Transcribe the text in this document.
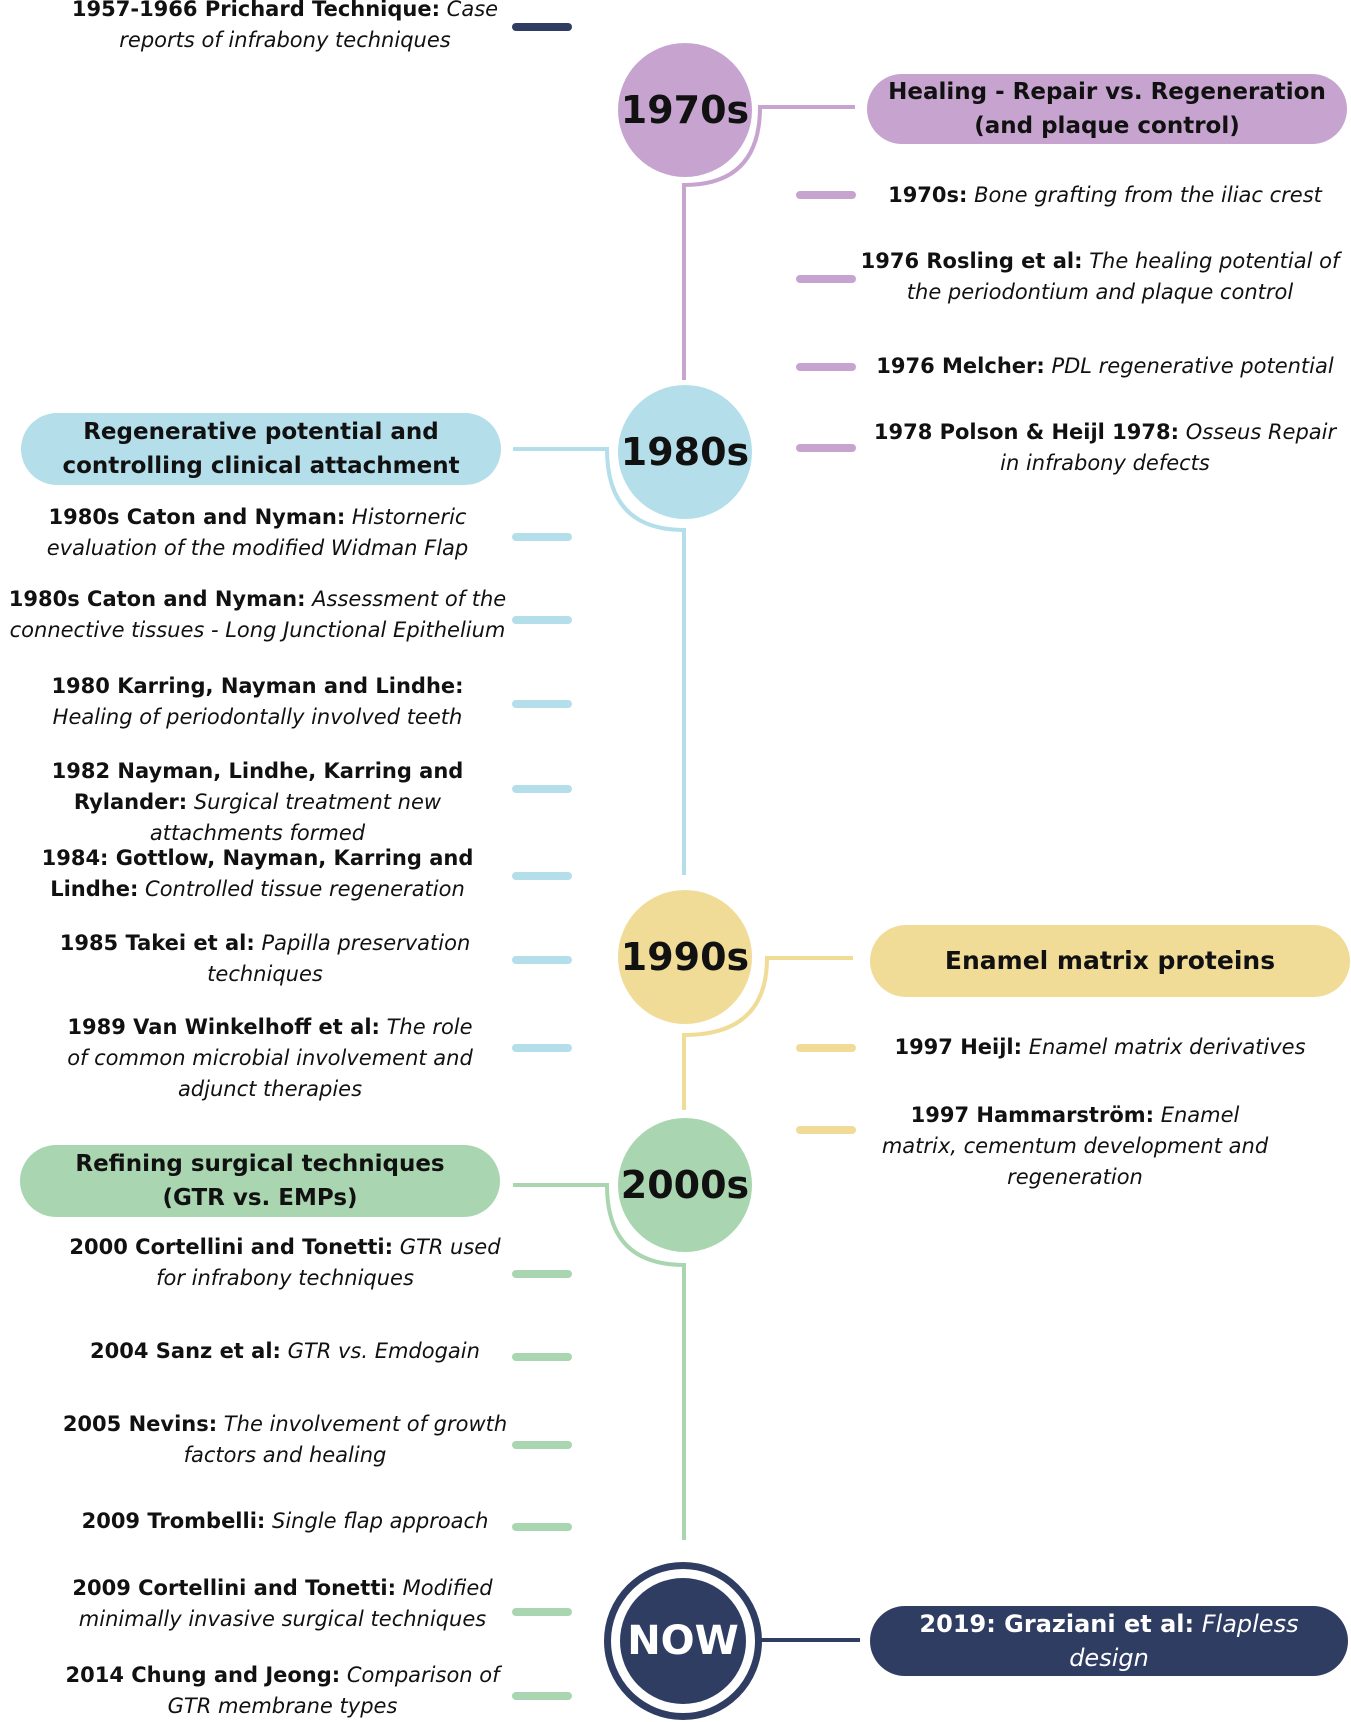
1970s
1980s
1990s
2000s
NOW
Healing - Repair vs. Regeneration
(and plaque control)
Regenerative potential and
controlling clinical attachment
Enamel matrix proteins
Refining surgical techniques
(GTR vs. EMPs)
2019: Graziani et al: Flapless design
1957-1966 Prichard Technique: Case reports of infrabony techniques
1970s: Bone grafting from the iliac crest
1976 Rosling et al: The healing potential of the periodontium and plaque control
1976 Melcher: PDL regenerative potential
1978 Polson & Heijl 1978: Osseus Repair in infrabony defects
1980s Caton and Nyman: Historneric evaluation of the modified Widman Flap
1980s Caton and Nyman: Assessment of the connective tissues - Long Junctional Epithelium
1980 Karring, Nayman and Lindhe: Healing of periodontally involved teeth
1982 Nayman, Lindhe, Karring and Rylander: Surgical treatment new attachments formed
1984: Gottlow, Nayman, Karring and Lindhe: Controlled tissue regeneration
1985 Takei et al: Papilla preservation techniques
1989 Van Winkelhoff et al: The role of common microbial involvement and adjunct therapies
1997 Heijl: Enamel matrix derivatives
1997 Hammarström: Enamel matrix, cementum development and regeneration
2000 Cortellini and Tonetti: GTR used for infrabony techniques
2004 Sanz et al: GTR vs. Emdogain
2005 Nevins: The involvement of growth factors and healing
2009 Trombelli: Single flap approach
2009 Cortellini and Tonetti: Modified minimally invasive surgical techniques
2014 Chung and Jeong: Comparison of GTR membrane types
